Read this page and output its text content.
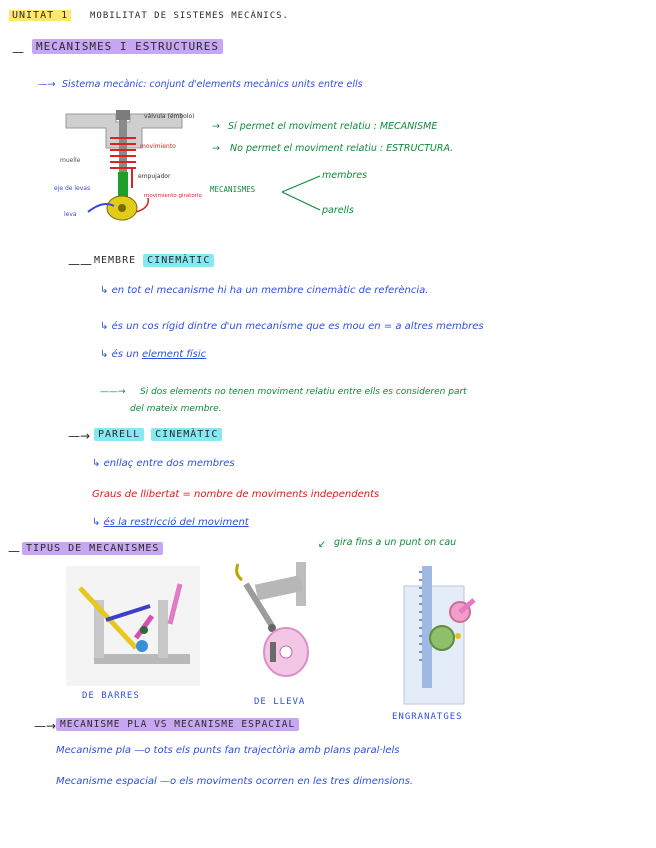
UNITAT 1	MOBILITAT DE SISTEMES MECÀNICS.
—	MECANISMES I ESTRUCTURES
—→ Sistema mecànic: conjunt d'elements mecànics units entre ells
válvula (émbolo)
movimiento
muelle
empujador
eje de levas
leva
movimiento giratorio
→ Sí permet el moviment relatiu : MECANISME
→ No permet el moviment relatiu : ESTRUCTURA.
MECANISMES
membres
parells
—— MEMBRE CINEMÀTIC
↳ en tot el mecanisme hi ha un membre cinemàtic de referència.
↳ és un cos rígid dintre d'un mecanisme que es mou en = a altres membres
↳ és un element físic
——→ Si dos elements no tenen moviment relatiu entre ells es consideren part
del mateix membre.
—→ PARELL CINEMÀTIC
↳ enllaç entre dos membres
Graus de llibertat = nombre de moviments independents
↳ és la restricció del moviment
— TIPUS DE MECANISMES	↙ gira fins a un punt on cau
DE BARRES
DE LLEVA
ENGRANATGES
—→ MECANISME PLA VS MECANISME ESPACIAL
Mecanisme pla —o tots els punts fan trajectòria amb plans paral·lels
Mecanisme espacial —o els moviments ocorren en les tres dimensions.
